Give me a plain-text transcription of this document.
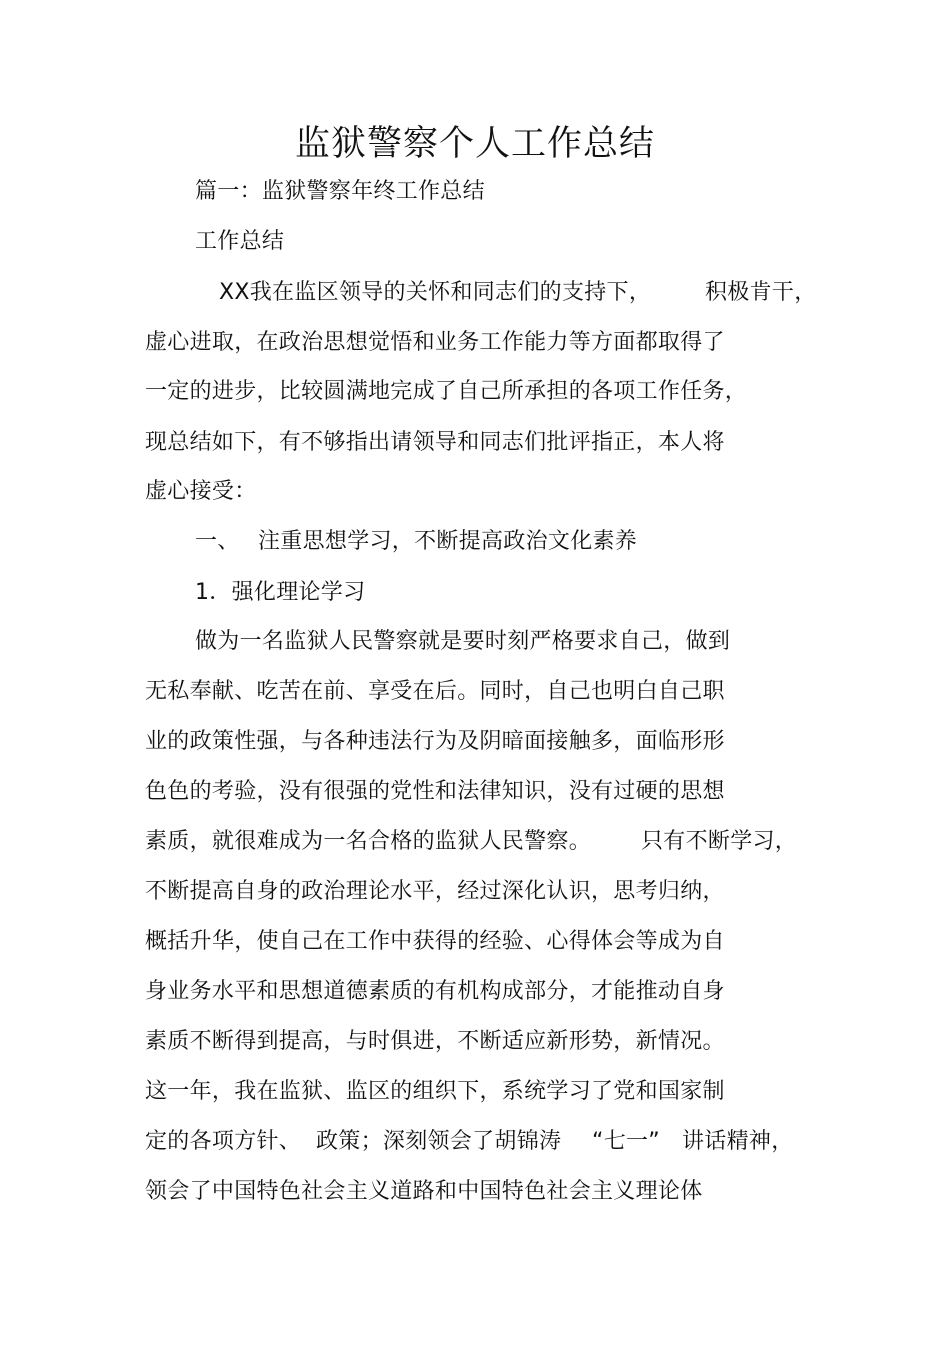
监狱警察个人工作总结
篇一：监狱警察年终工作总结
工作总结
XX我在监区领导的关怀和同志们的支持下， 积极肯干，
虚心进取，在政治思想觉悟和业务工作能力等方面都取得了
一定的进步，比较圆满地完成了自己所承担的各项工作任务，
现总结如下，有不够指出请领导和同志们批评指正，本人将
虚心接受：
一、 注重思想学习，不断提高政治文化素养
1．强化理论学习
做为一名监狱人民警察就是要时刻严格要求自己，做到
无私奉献、吃苦在前、享受在后。同时，自己也明白自己职
业的政策性强，与各种违法行为及阴暗面接触多，面临形形
色色的考验，没有很强的党性和法律知识，没有过硬的思想
素质，就很难成为一名合格的监狱人民警察。 只有不断学习，
不断提高自身的政治理论水平，经过深化认识，思考归纳，
概括升华，使自己在工作中获得的经验、心得体会等成为自
身业务水平和思想道德素质的有机构成部分，才能推动自身
素质不断得到提高，与时俱进，不断适应新形势，新情况。
这一年，我在监狱、监区的组织下，系统学习了党和国家制
定的各项方针、 政策；深刻领会了胡锦涛 “七一” 讲话精神，
领会了中国特色社会主义道路和中国特色社会主义理论体
